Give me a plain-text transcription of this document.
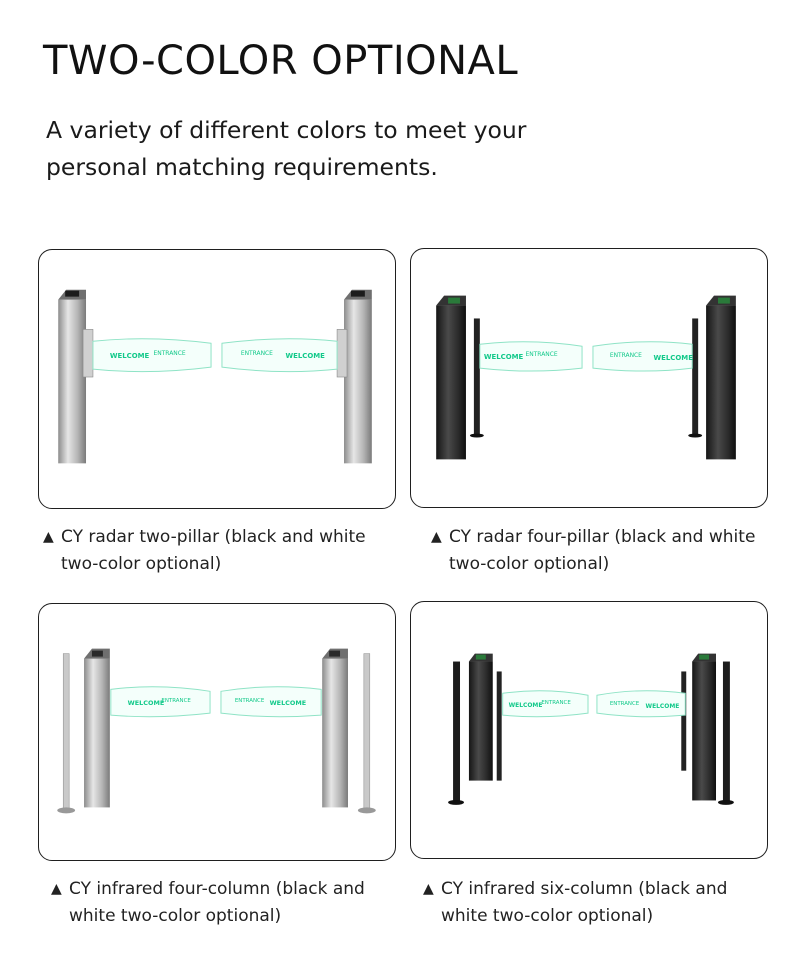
TWO-COLOR OPTIONAL

A variety of different colors to meet your personal matching requirements.

WELCOME ENTRANCE	ENTRANCE WELCOME	WELCOME ENTRANCE	ENTRANCE WELCOME
WELCOME
ENTRANCE	ENTRANCE WELCOME	WELCOME
ENTRANCE	ENTRANCE WELCOME
▲ CY radar two-pillar (black and white two-color optional)
▲ CY radar four-pillar (black and white two-color optional)
▲ CY infrared four-column (black and white two-color optional)
▲ CY infrared six-column (black and white two-color optional)
